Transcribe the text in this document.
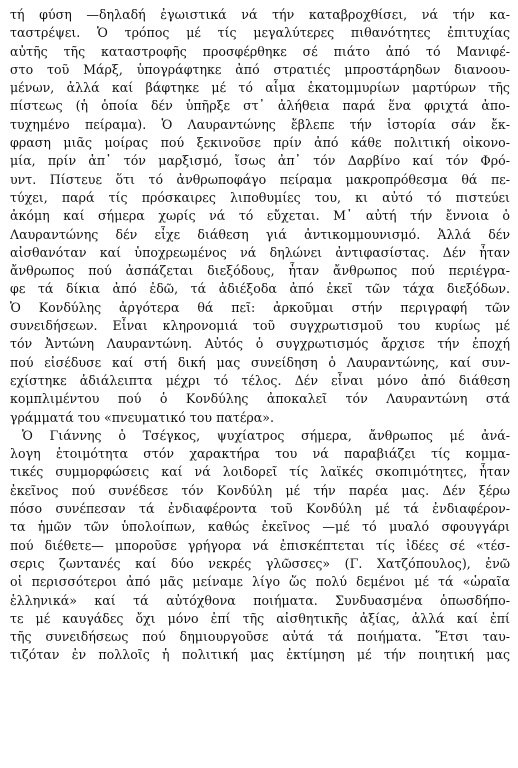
τή φύση —δηλαδή ἐγωιστικά νά τήν καταβροχθίσει, νά τήν κα-
ταστρέψει. Ὁ τρόπος μέ τίς μεγαλύτερες πιθανότητες ἐπιτυχίας
αὐτῆς τῆς καταστροφῆς προσφέρθηκε σέ πιάτο ἀπό τό Μανιφέ-
στο τοῦ Μάρξ, ὑπογράφτηκε ἀπό στρατιές μπροστάρηδων διανοου-
μένων, ἀλλά καί βάφτηκε μέ τό αἷμα ἑκατομμυρίων μαρτύρων τῆς
πίστεως (ἡ ὁποία δέν ὑπῆρξε στ᾽ ἀλήθεια παρά ἕνα φριχτά ἀπο-
τυχημένο πείραμα). Ὁ Λαυραντώνης ἔβλεπε τήν ἱστορία σάν ἔκ-
φραση μιᾶς μοίρας πού ξεκινοῦσε πρίν ἀπό κάθε πολιτική οἰκονο-
μία, πρίν ἀπ᾽ τόν μαρξισμό, ἴσως ἀπ᾽ τόν Δαρβίνο καί τόν Φρό-
υντ. Πίστευε ὅτι τό ἀνθρωποφάγο πείραμα μακροπρόθεσμα θά πε-
τύχει, παρά τίς πρόσκαιρες λιποθυμίες του, κι αὐτό τό πιστεύει
ἀκόμη καί σήμερα χωρίς νά τό εὔχεται. Μ᾽ αὐτή τήν ἔννοια ὁ
Λαυραντώνης δέν εἶχε διάθεση γιά ἀντικομμουνισμό. Ἀλλά δέν
αἰσθανόταν καί ὑποχρεωμένος νά δηλώνει ἀντιφασίστας. Δέν ἦταν
ἄνθρωπος πού ἀσπάζεται διεξόδους, ἦταν ἄνθρωπος πού περιέγρα-
φε τά δίκια ἀπό ἐδῶ, τά ἀδιέξοδα ἀπό ἐκεῖ τῶν τάχα διεξόδων.
Ὁ Κονδύλης ἀργότερα θά πεῖ: ἀρκοῦμαι στήν περιγραφή τῶν
συνειδήσεων. Εἶναι κληρονομιά τοῦ συγχρωτισμοῦ του κυρίως μέ
τόν Ἀντώνη Λαυραντώνη. Αὐτός ὁ συγχρωτισμός ἄρχισε τήν ἐποχή
πού εἰσέδυσε καί στή δική μας συνείδηση ὁ Λαυραντώνης, καί συν-
εχίστηκε ἀδιάλειπτα μέχρι τό τέλος. Δέν εἶναι μόνο ἀπό διάθεση
κομπλιμέντου πού ὁ Κονδύλης ἀποκαλεῖ τόν Λαυραντώνη στά
γράμματά του «πνευματικό του πατέρα».
Ὁ Γιάννης ὁ Τσέγκος, ψυχίατρος σήμερα, ἄνθρωπος μέ ἀνά-
λογη ἑτοιμότητα στόν χαρακτήρα του νά παραβιάζει τίς κομμα-
τικές συμμορφώσεις καί νά λοιδορεῖ τίς λαϊκές σκοπιμότητες, ἦταν
ἐκεῖνος πού συνέδεσε τόν Κονδύλη μέ τήν παρέα μας. Δέν ξέρω
πόσο συνέπεσαν τά ἐνδιαφέροντα τοῦ Κονδύλη μέ τά ἐνδιαφέρον-
τα ἡμῶν τῶν ὑπολοίπων, καθώς ἐκεῖνος —μέ τό μυαλό σφουγγάρι
πού διέθετε— μποροῦσε γρήγορα νά ἐπισκέπτεται τίς ἰδέες σέ «τέσ-
σερις ζωντανές καί δύο νεκρές γλῶσσες» (Γ. Χατζόπουλος), ἐνῶ
οἱ περισσότεροι ἀπό μᾶς μείναμε λίγο ὥς πολύ δεμένοι μέ τά «ὡραῖα
ἑλληνικά» καί τά αὐτόχθονα ποιήματα. Συνδυασμένα ὁπωσδήπο-
τε μέ καυγάδες ὄχι μόνο ἐπί τῆς αἰσθητικῆς ἀξίας, ἀλλά καί ἐπί
τῆς συνειδήσεως πού δημιουργοῦσε αὐτά τά ποιήματα. Ἔτσι ταυ-
τιζόταν ἐν πολλοῖς ἡ πολιτική μας ἐκτίμηση μέ τήν ποιητική μας
